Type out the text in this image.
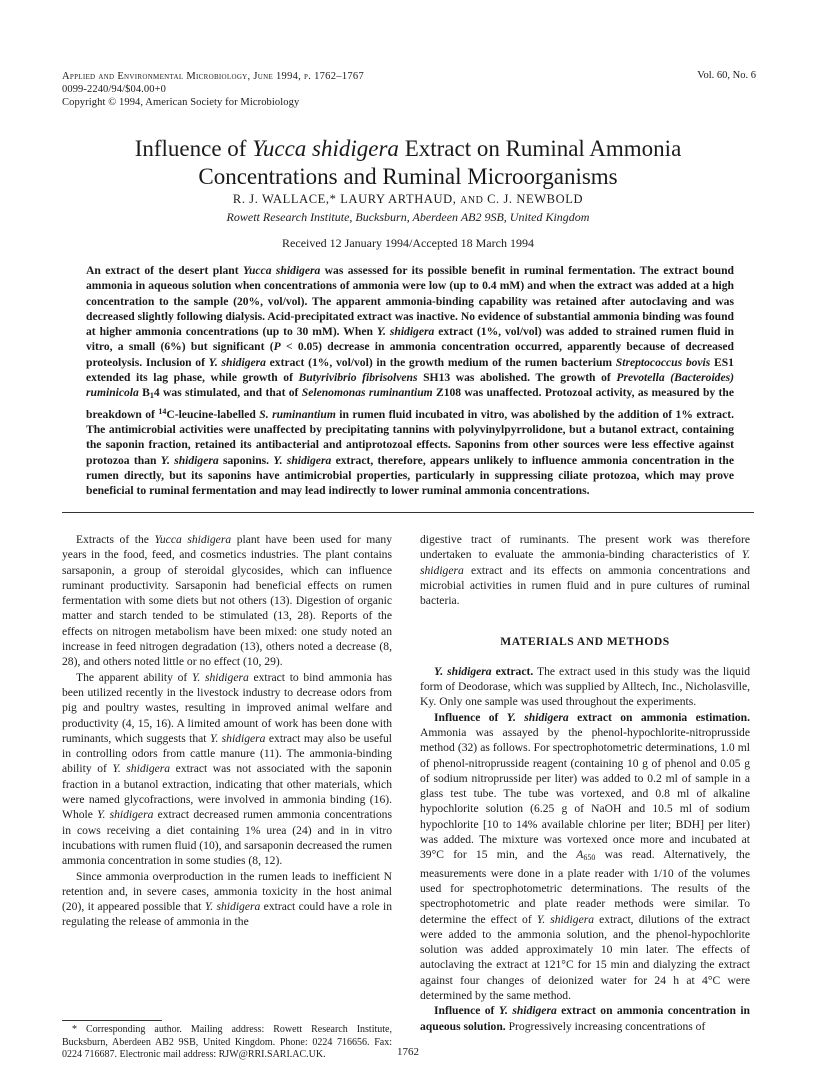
Applied and Environmental Microbiology, June 1994, p. 1762–1767
0099-2240/94/$04.00+0
Copyright © 1994, American Society for Microbiology
Vol. 60, No. 6
Influence of Yucca shidigera Extract on Ruminal Ammonia
Concentrations and Ruminal Microorganisms
R. J. WALLACE,* LAURY ARTHAUD, AND C. J. NEWBOLD
Rowett Research Institute, Bucksburn, Aberdeen AB2 9SB, United Kingdom
Received 12 January 1994/Accepted 18 March 1994
An extract of the desert plant Yucca shidigera was assessed for its possible benefit in ruminal fermentation. The extract bound ammonia in aqueous solution when concentrations of ammonia were low (up to 0.4 mM) and when the extract was added at a high concentration to the sample (20%, vol/vol). The apparent ammonia-binding capability was retained after autoclaving and was decreased slightly following dialysis. Acid-precipitated extract was inactive. No evidence of substantial ammonia binding was found at higher ammonia concentrations (up to 30 mM). When Y. shidigera extract (1%, vol/vol) was added to strained rumen fluid in vitro, a small (6%) but significant (P < 0.05) decrease in ammonia concentration occurred, apparently because of decreased proteolysis. Inclusion of Y. shidigera extract (1%, vol/vol) in the growth medium of the rumen bacterium Streptococcus bovis ES1 extended its lag phase, while growth of Butyrivibrio fibrisolvens SH13 was abolished. The growth of Prevotella (Bacteroides) ruminicola $B_14$ was stimulated, and that of Selenomonas ruminantium Z108 was unaffected. Protozoal activity, as measured by the breakdown of $^{14}$C-leucine-labelled S. ruminantium in rumen fluid incubated in vitro, was abolished by the addition of 1% extract. The antimicrobial activities were unaffected by precipitating tannins with polyvinylpyrrolidone, but a butanol extract, containing the saponin fraction, retained its antibacterial and antiprotozoal effects. Saponins from other sources were less effective against protozoa than Y. shidigera saponins. Y. shidigera extract, therefore, appears unlikely to influence ammonia concentration in the rumen directly, but its saponins have antimicrobial properties, particularly in suppressing ciliate protozoa, which may prove beneficial to ruminal fermentation and may lead indirectly to lower ruminal ammonia concentrations.

Extracts of the Yucca shidigera plant have been used for many years in the food, feed, and cosmetics industries. The plant contains sarsaponin, a group of steroidal glycosides, which can influence ruminant productivity. Sarsaponin had beneficial effects on rumen fermentation with some diets but not others (13). Digestion of organic matter and starch tended to be stimulated (13, 28). Reports of the effects on nitrogen metabolism have been mixed: one study noted an increase in feed nitrogen degradation (13), others noted a decrease (8, 28), and others noted little or no effect (10, 29).

The apparent ability of Y. shidigera extract to bind ammonia has been utilized recently in the livestock industry to decrease odors from pig and poultry wastes, resulting in improved animal welfare and productivity (4, 15, 16). A limited amount of work has been done with ruminants, which suggests that Y. shidigera extract may also be useful in controlling odors from cattle manure (11). The ammonia-binding ability of Y. shidigera extract was not associated with the saponin fraction in a butanol extraction, indicating that other materials, which were named glycofractions, were involved in ammonia binding (16). Whole Y. shidigera extract decreased rumen ammonia concentrations in cows receiving a diet containing 1% urea (24) and in in vitro incubations with rumen fluid (10), and sarsaponin decreased the rumen ammonia concentration in some studies (8, 12).

Since ammonia overproduction in the rumen leads to inefficient N retention and, in severe cases, ammonia toxicity in the host animal (20), it appeared possible that Y. shidigera extract could have a role in regulating the release of ammonia in the

digestive tract of ruminants. The present work was therefore undertaken to evaluate the ammonia-binding characteristics of Y. shidigera extract and its effects on ammonia concentrations and microbial activities in rumen fluid and in pure cultures of ruminal bacteria.

MATERIALS AND METHODS

Y. shidigera extract. The extract used in this study was the liquid form of Deodorase, which was supplied by Alltech, Inc., Nicholasville, Ky. Only one sample was used throughout the experiments.

Influence of Y. shidigera extract on ammonia estimation. Ammonia was assayed by the phenol-hypochlorite-nitroprusside method (32) as follows. For spectrophotometric determinations, 1.0 ml of phenol-nitroprusside reagent (containing 10 g of phenol and 0.05 g of sodium nitroprusside per liter) was added to 0.2 ml of sample in a glass test tube. The tube was vortexed, and 0.8 ml of alkaline hypochlorite solution (6.25 g of NaOH and 10.5 ml of sodium hypochlorite [10 to 14% available chlorine per liter; BDH] per liter) was added. The mixture was vortexed once more and incubated at 39°C for 15 min, and the $A_{650}$ was read. Alternatively, the measurements were done in a plate reader with 1/10 of the volumes used for spectrophotometric determinations. The results of the spectrophotometric and plate reader methods were similar. To determine the effect of Y. shidigera extract, dilutions of the extract were added to the ammonia solution, and the phenol-hypochlorite solution was added approximately 10 min later. The effects of autoclaving the extract at 121°C for 15 min and dialyzing the extract against four changes of deionized water for 24 h at 4°C were determined by the same method.

Influence of Y. shidigera extract on ammonia concentration in aqueous solution. Progressively increasing concentrations of

* Corresponding author. Mailing address: Rowett Research Institute, Bucksburn, Aberdeen AB2 9SB, United Kingdom. Phone: 0224 716656. Fax: 0224 716687. Electronic mail address: RJW@RRI.SARI.AC.UK.	1762
